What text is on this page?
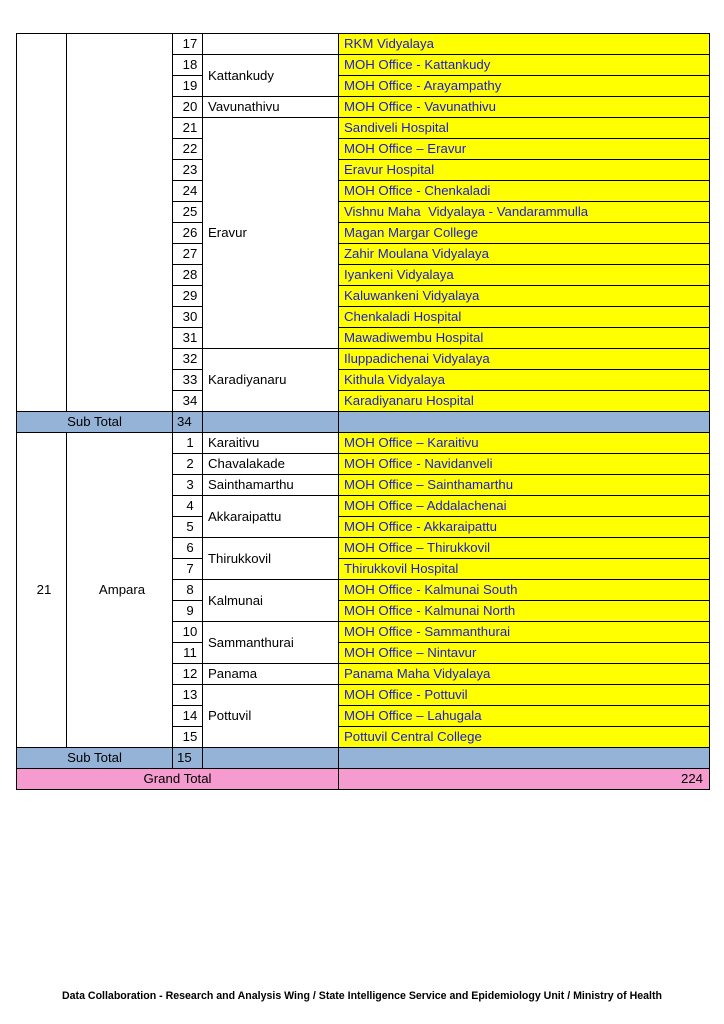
		17		RKM Vidyalaya
		18	Kattankudy	MOH Office - Kattankudy
		19		MOH Office - Arayampathy
		20	Vavunathivu	MOH Office - Vavunathivu
		21	Eravur	Sandiveli Hospital
		22		MOH Office – Eravur
		23		Eravur Hospital
		24		MOH Office - Chenkaladi
		25		Vishnu Maha  Vidyalaya - Vandarammulla
		26		Magan Margar College
		27		Zahir Moulana Vidyalaya
		28		Iyankeni Vidyalaya
		29		Kaluwankeni Vidyalaya
		30		Chenkaladi Hospital
		31		Mawadiwembu Hospital
		32	Karadiyanaru	Iluppadichenai Vidyalaya
		33		Kithula Vidyalaya
		34		Karadiyanaru Hospital
Sub Total		34		
21	Ampara	1	Karaitivu	MOH Office – Karaitivu
		2	Chavalakade	MOH Office - Navidanveli
		3	Sainthamarthu	MOH Office – Sainthamarthu
		4	Akkaraipattu	MOH Office – Addalachenai
		5		MOH Office - Akkaraipattu
		6	Thirukkovil	MOH Office – Thirukkovil
		7		Thirukkovil Hospital
		8	Kalmunai	MOH Office - Kalmunai South
		9		MOH Office - Kalmunai North
		10	Sammanthurai	MOH Office - Sammanthurai
		11		MOH Office – Nintavur
		12	Panama	Panama Maha Vidyalaya
		13	Pottuvil	MOH Office - Pottuvil
		14		MOH Office – Lahugala
		15		Pottuvil Central College
Sub Total		15		
Grand Total				224
Data Collaboration - Research and Analysis Wing / State Intelligence Service and Epidemiology Unit / Ministry of Health
